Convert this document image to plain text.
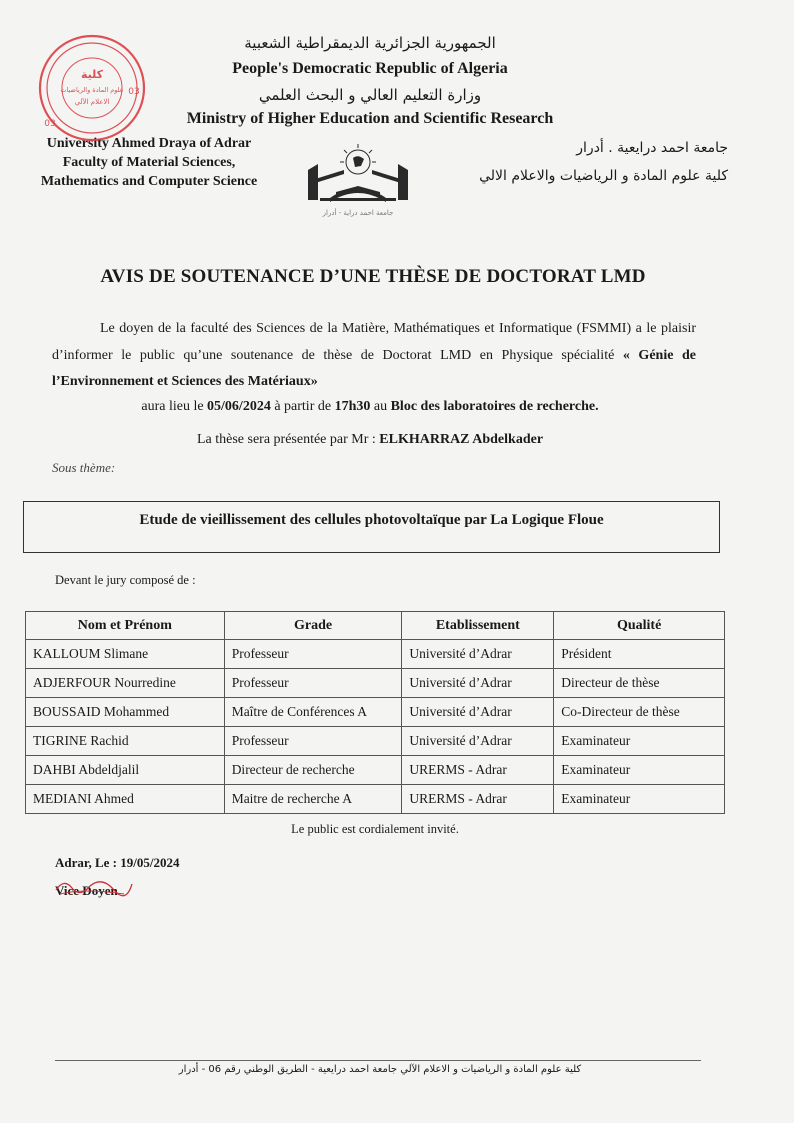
الجمهورية الجزائرية الديمقراطية الشعبية
People's Democratic Republic of Algeria
وزارة التعليم العالي و البحث العلمي
Ministry of Higher Education and Scientific Research
University Ahmed Draya of Adrar
Faculty of Material Sciences,
Mathematics and Computer Science
جامعة احمد درايعية . أدرار
كلية علوم المادة و الرياضيات والاعلام الالي
كلية
علوم المادة والرياضيات
الاعلام الآلي
03
03
جامعة احمد دراية - أدرار
AVIS DE SOUTENANCE D’UNE THÈSE DE DOCTORAT LMD
Le doyen de la faculté des Sciences de la Matière, Mathématiques et Informatique (FSMMI) a le plaisir d’informer le public qu’une soutenance de thèse de Doctorat LMD en Physique spécialité « Génie de l’Environnement et Sciences des Matériaux»
aura lieu le 05/06/2024 à partir de 17h30 au Bloc des laboratoires de recherche.
La thèse sera présentée par Mr : ELKHARRAZ Abdelkader
Sous thème:
Etude de vieillissement des cellules photovoltaïque par La Logique Floue
Devant le jury composé de :
Nom et Prénom	Grade	Etablissement	Qualité
KALLOUM Slimane	Professeur	Université d’Adrar	Président
ADJERFOUR Nourredine	Professeur	Université d’Adrar	Directeur de thèse
BOUSSAID Mohammed	Maître de Conférences A	Université d’Adrar	Co-Directeur de thèse
TIGRINE Rachid	Professeur	Université d’Adrar	Examinateur
DAHBI Abdeldjalil	Directeur de recherche	URERMS - Adrar	Examinateur
MEDIANI Ahmed	Maitre de recherche A	URERMS - Adrar	Examinateur
Le public est cordialement invité.
Adrar, Le : 19/05/2024
Vice Doyen
كلية علوم المادة و الرياضيات و الاعلام الآلي جامعة احمد درايعية - الطريق الوطني رقم 06 - أدرار
